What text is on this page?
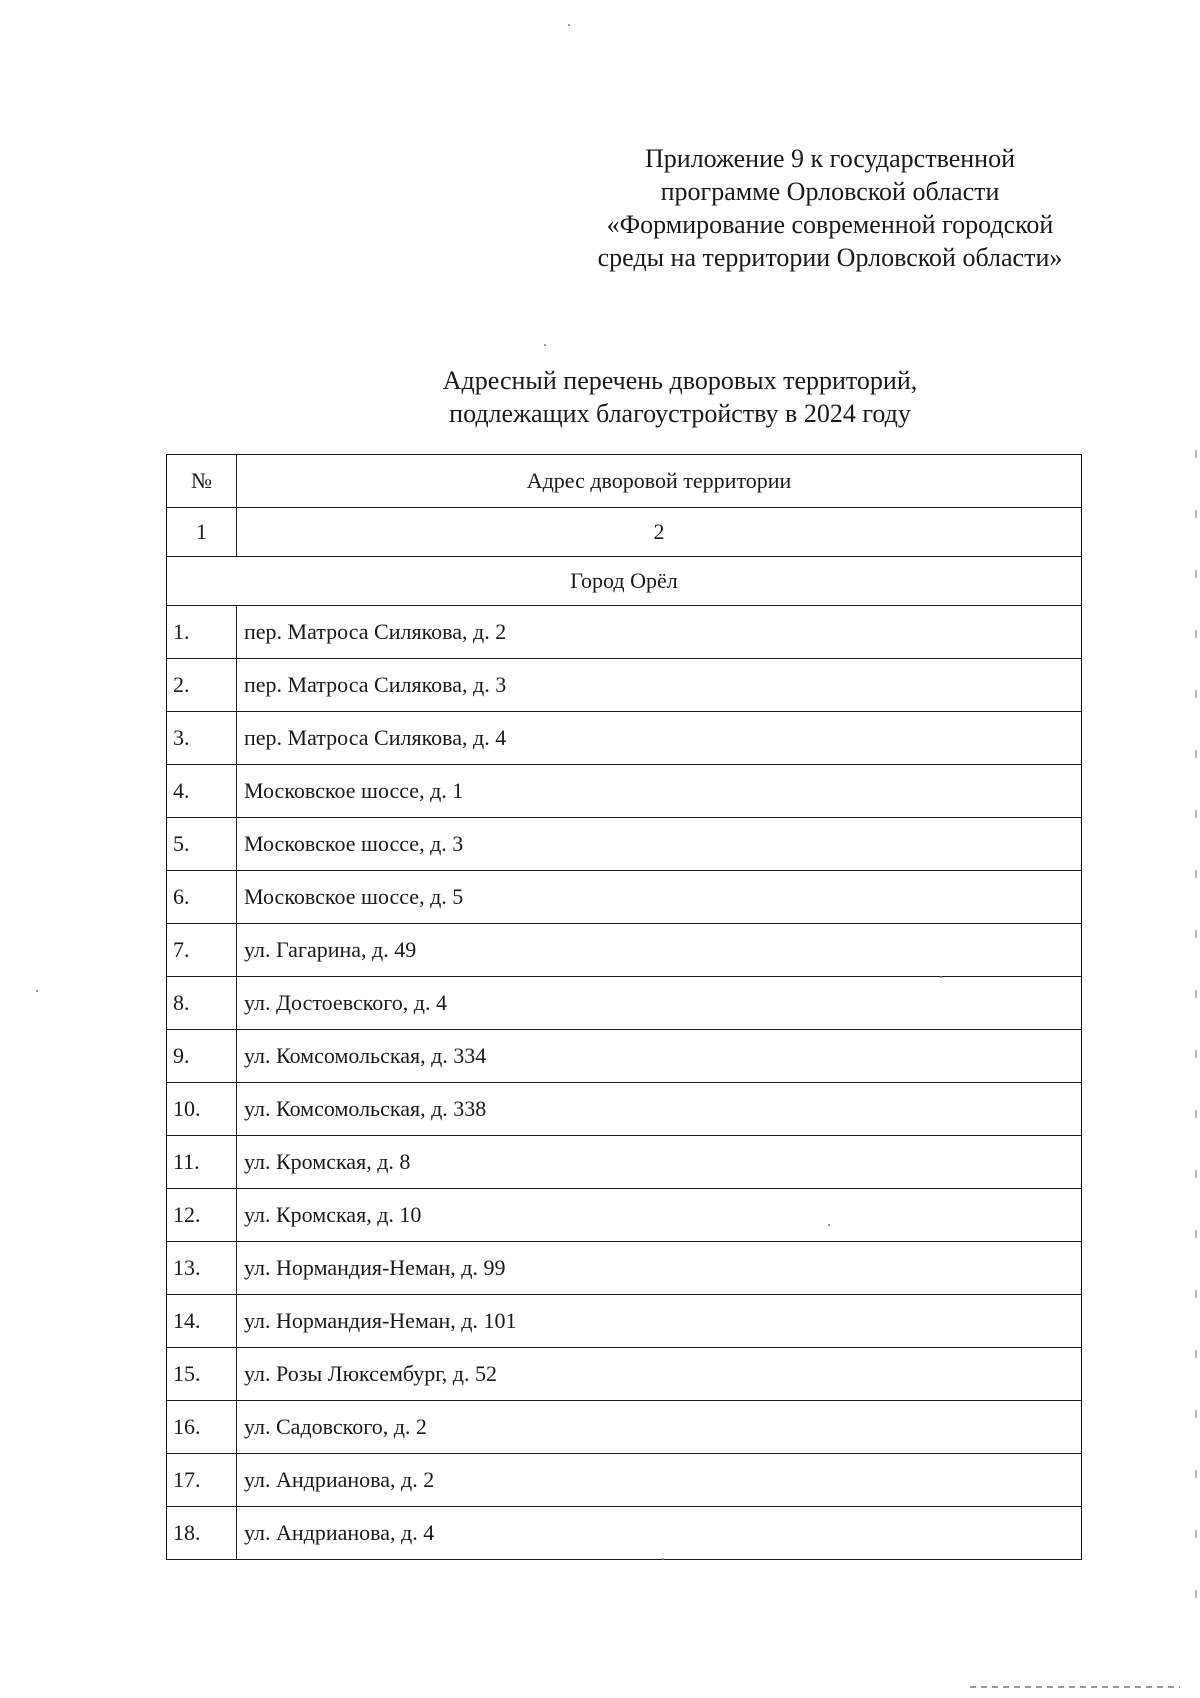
Приложение 9 к государственной
программе Орловской области
«Формирование современной городской
среды на территории Орловской области»
Адресный перечень дворовых территорий,
подлежащих благоустройству в 2024 году
№	Адрес дворовой территории
1	2
Город Орёл	
1.	пер. Матроса Силякова, д. 2
2.	пер. Матроса Силякова, д. 3
3.	пер. Матроса Силякова, д. 4
4.	Московское шоссе, д. 1
5.	Московское шоссе, д. 3
6.	Московское шоссе, д. 5
7.	ул. Гагарина, д. 49
8.	ул. Достоевского, д. 4
9.	ул. Комсомольская, д. 334
10.	ул. Комсомольская, д. 338
11.	ул. Кромская, д. 8
12.	ул. Кромская, д. 10
13.	ул. Нормандия-Неман, д. 99
14.	ул. Нормандия-Неман, д. 101
15.	ул. Розы Люксембург, д. 52
16.	ул. Садовского, д. 2
17.	ул. Андрианова, д. 2
18.	ул. Андрианова, д. 4
